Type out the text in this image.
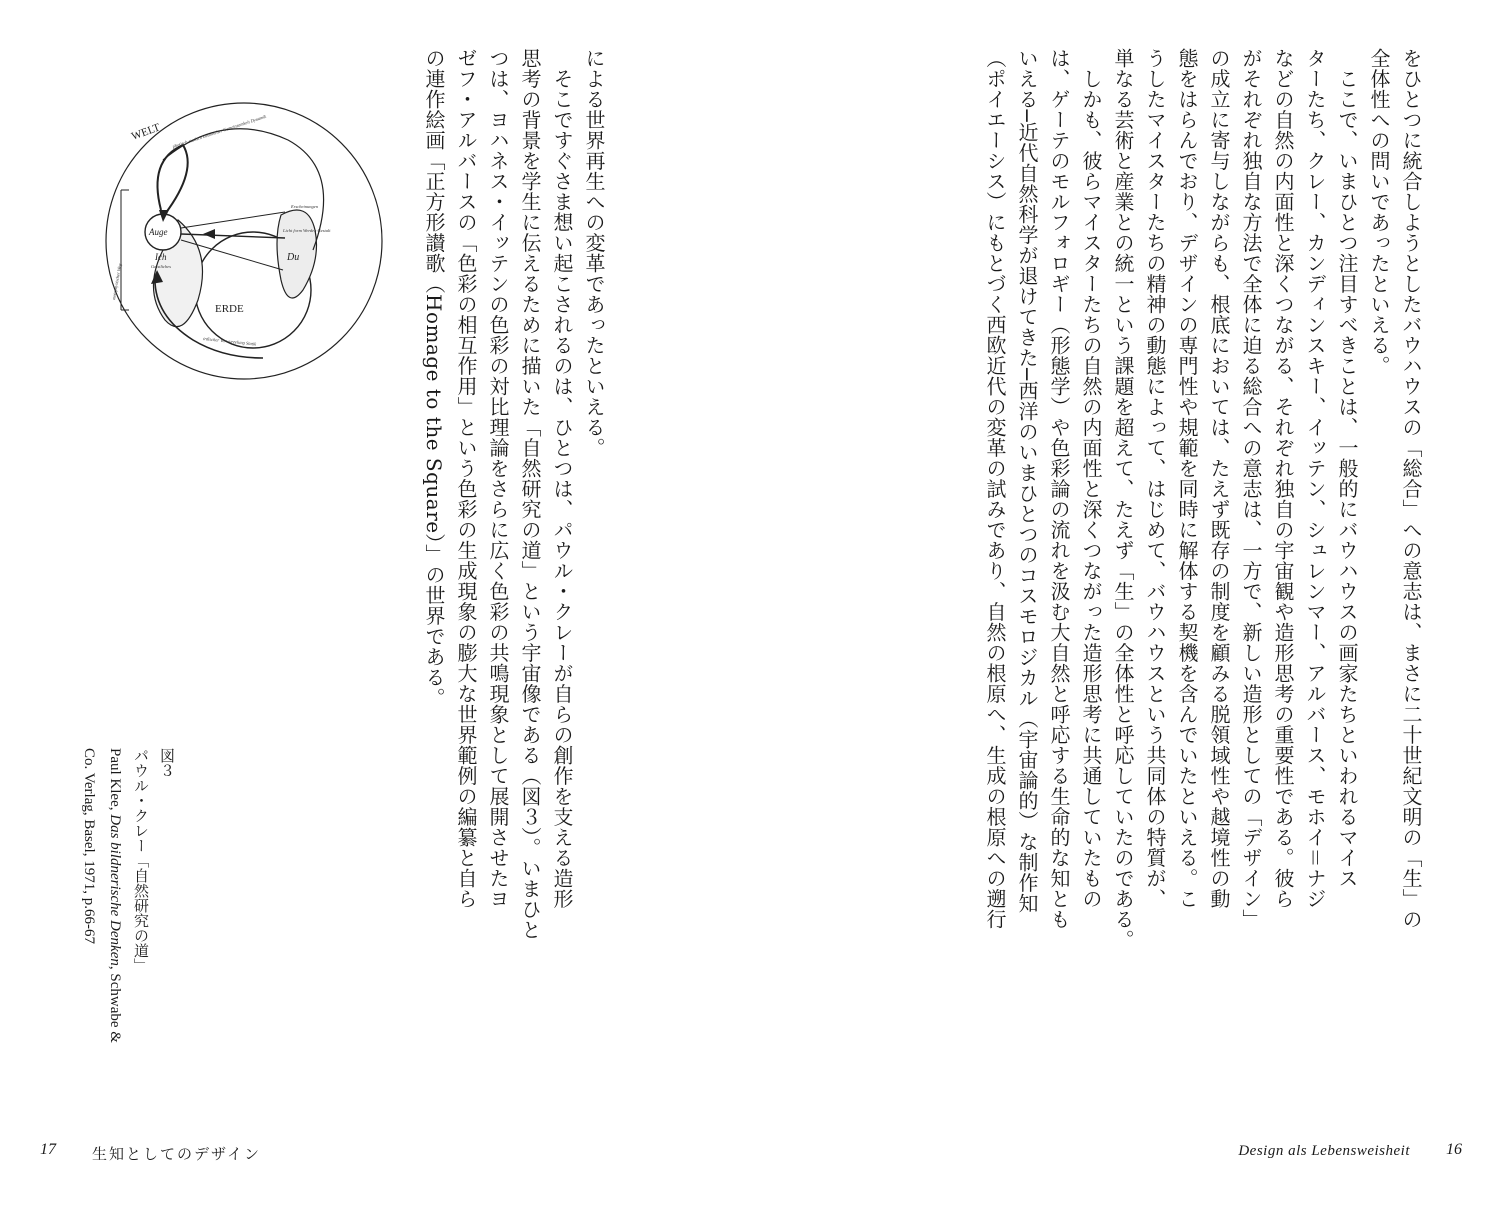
をひとつに統合しようとしたバウハウスの「総合」への意志は、まさに二十世紀文明の「生」の
全体性への問いであったといえる。
　ここで、いまひとつ注目すべきことは、一般的にバウハウスの画家たちといわれるマイス
ターたち、クレー、カンディンスキー、イッテン、シュレンマー、アルバース、モホイ＝ナジ
などの自然の内面性と深くつながる、それぞれ独自の宇宙観や造形思考の重要性である。彼ら
がそれぞれ独自な方法で全体に迫る総合への意志は、一方で、新しい造形としての「デザイン」
の成立に寄与しながらも、根底においては、たえず既存の制度を顧みる脱領域性や越境性の動
態をはらんでおり、デザインの専門性や規範を同時に解体する契機を含んでいたといえる。こ
うしたマイスターたちの精神の動態によって、はじめて、バウハウスという共同体の特質が、
単なる芸術と産業との統一という課題を超えて、たえず「生」の全体性と呼応していたのである。
　しかも、彼らマイスターたちの自然の内面性と深くつながった造形思考に共通していたもの
は、ゲーテのモルフォロギー（形態学）や色彩論の流れを汲む大自然と呼応する生命的な知とも
いえる─近代自然科学が退けてきた─西洋のいまひとつのコスモロジカル（宇宙論的）な制作知
（ポイエーシス）にもとづく西欧近代の変革の試みであり、自然の根原へ、生成の根原への遡行
による世界再生への変革であったといえる。
　そこですぐさま想い起こされるのは、ひとつは、パウル・クレーが自らの創作を支える造形
思考の背景を学生に伝えるために描いた「自然研究の道」という宇宙像である（図３）。いまひと
つは、ヨハネス・イッテンの色彩の対比理論をさらに広く色彩の共鳴現象として展開させたヨ
ゼフ・アルバースの「色彩の相互作用」という色彩の生成現象の膨大な世界範例の編纂と自ら
の連作絵画「正方形讃歌（Homage to the Square）」の世界である。
図３
パウル・クレー「自然研究の道」
Paul Klee, Das bildnerische Denken, Schwabe &
Co. Verlag, Basel, 1971, p.66-67
WELT
Auge
Ich	Du
ERDE
physisch-statisch kosmischer Gemeinsamkeit Dynamik
metaphysischer Weg
Erscheinungen
Licht form Werden Gestalt
Geistliches
irdischer Verwurzelung Statik
17 生知としてのデザイン	Design als Lebensweisheit 16
